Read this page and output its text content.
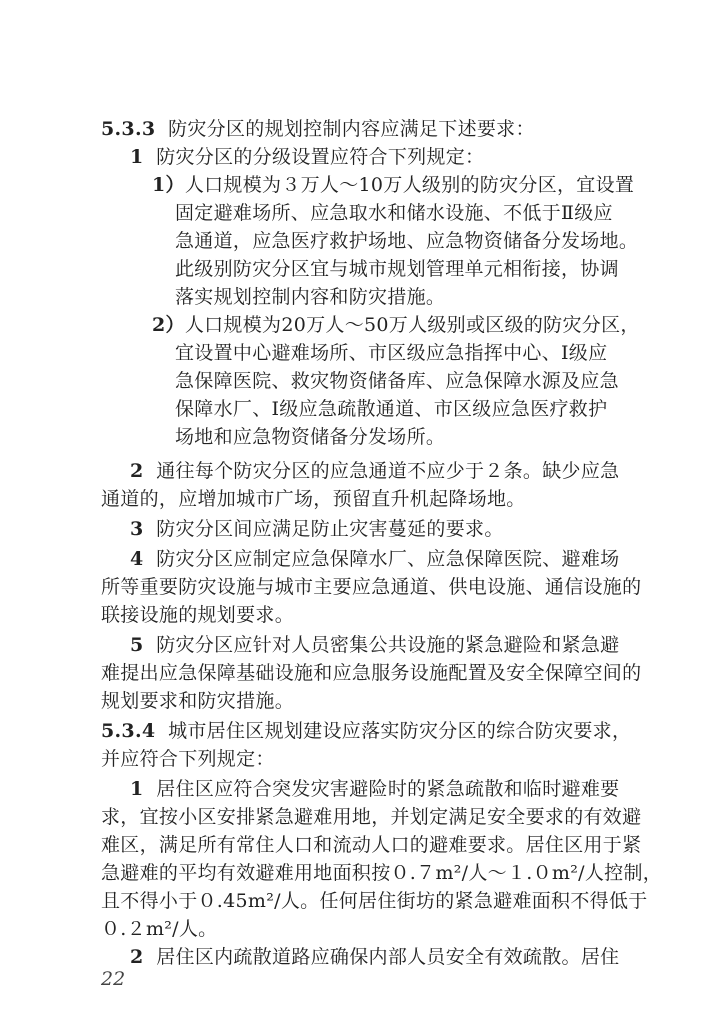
5.3.3 防灾分区的规划控制内容应满足下述要求：
1 防灾分区的分级设置应符合下列规定：
1）人口规模为３万人～10万人级别的防灾分区，宜设置
固定避难场所、应急取水和储水设施、不低于Ⅱ级应
急通道，应急医疗救护场地、应急物资储备分发场地。
此级别防灾分区宜与城市规划管理单元相衔接，协调
落实规划控制内容和防灾措施。
2）人口规模为20万人～50万人级别或区级的防灾分区，
宜设置中心避难场所、市区级应急指挥中心、Ⅰ级应
急保障医院、救灾物资储备库、应急保障水源及应急
保障水厂、Ⅰ级应急疏散通道、市区级应急医疗救护
场地和应急物资储备分发场所。
2 通往每个防灾分区的应急通道不应少于２条。缺少应急
通道的，应增加城市广场，预留直升机起降场地。
3 防灾分区间应满足防止灾害蔓延的要求。
4 防灾分区应制定应急保障水厂、应急保障医院、避难场
所等重要防灾设施与城市主要应急通道、供电设施、通信设施的
联接设施的规划要求。
5 防灾分区应针对人员密集公共设施的紧急避险和紧急避
难提出应急保障基础设施和应急服务设施配置及安全保障空间的
规划要求和防灾措施。
5.3.4 城市居住区规划建设应落实防灾分区的综合防灾要求，
并应符合下列规定：
1 居住区应符合突发灾害避险时的紧急疏散和临时避难要
求，宜按小区安排紧急避难用地，并划定满足安全要求的有效避
难区，满足所有常住人口和流动人口的避难要求。居住区用于紧
急避难的平均有效避难用地面积按０.７m²/人～１.０m²/人控制，
且不得小于０.45m²/人。任何居住街坊的紧急避难面积不得低于
０.２m²/人。
2 居住区内疏散道路应确保内部人员安全有效疏散。居住
22
